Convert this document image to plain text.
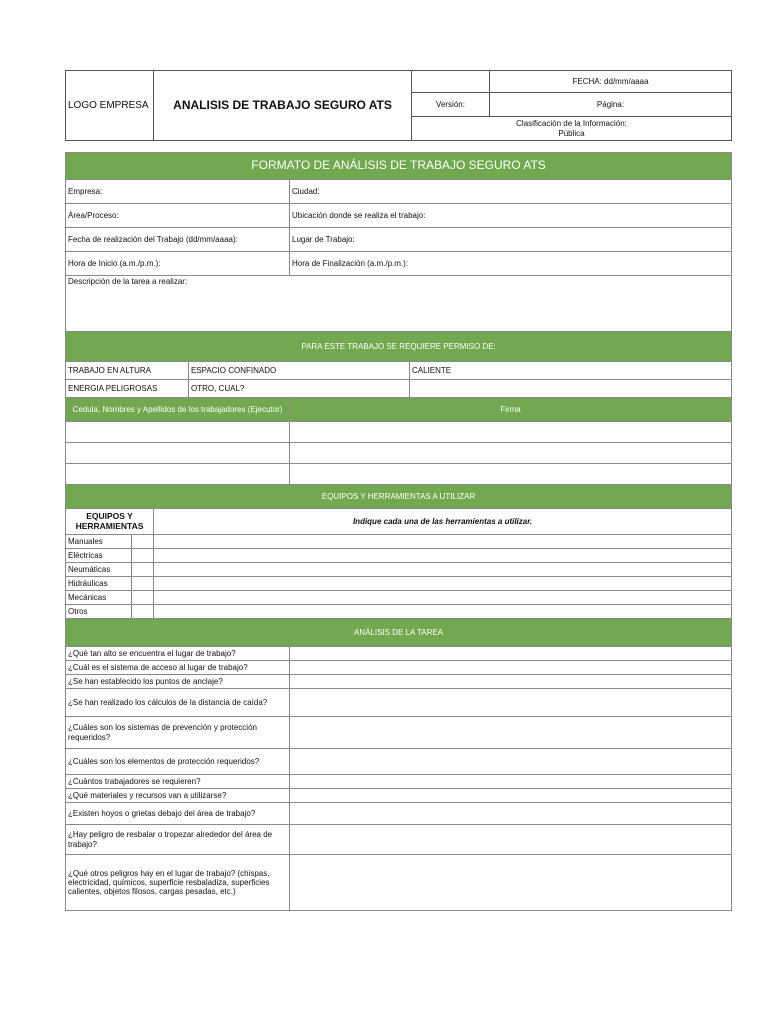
LOGO EMPRESA	ANALISIS DE TRABAJO SEGURO ATS		FECHA: dd/mm/aaaa
		Versión:	Página:

		Clasificación de la Información:
Pública	
FORMATO DE ANÁLISIS DE TRABAJO SEGURO ATS					
Empresa:				Ciudad:	
Área/Proceso:				Ubicación donde se realiza el trabajo:	
Fecha de realización del Trabajo (dd/mm/aaaa):				Lugar de Trabajo:	
Hora de Inicio (a.m./p.m.):				Hora de Finalización (a.m./p.m.):	
Descripción de la tarea a realizar:					
PARA ESTE TRABAJO SE REQUIERE PERMISO DE:					
TRABAJO EN ALTURA			ESPACIO CONFINADO		CALIENTE
ENERGIA PELIGROSAS			OTRO, CUAL?		
Cedula, Nombres y Apellidos de los trabajadores (Ejecutor)				Firma	

EQUIPOS Y HERRAMIENTAS A UTILIZAR					
EQUIPOS Y HERRAMIENTAS		Indique cada una de las herramientas a utilizar.			
Manuales					
Eléctricas					
Neumáticas					
Hidráulicas					
Mecánicas					
Otros					
ANÁLISIS DE LA TAREA					
¿Qué tan alto se encuentra el lugar de trabajo?					
¿Cuál es el sistema de acceso al lugar de trabajo?					
¿Se han establecido los puntos de anclaje?					
¿Se han realizado los cálculos de la distancia de caída?					
¿Cuáles son los sistemas de prevención y protección requeridos?					
¿Cuáles son los elementos de protección requeridos?					
¿Cuántos trabajadores se requieren?					
¿Qué materiales y recursos van a utilizarse?					
¿Existen hoyos o grietas debajo del área de trabajo?					
¿Hay peligro de resbalar o tropezar alrededor del área de trabajo?					
¿Qué otros peligros hay en el lugar de trabajo? (chispas, electricidad, químicos, superficie resbaladiza, superficies calientes, objetos filosos, cargas pesadas, etc.)					
